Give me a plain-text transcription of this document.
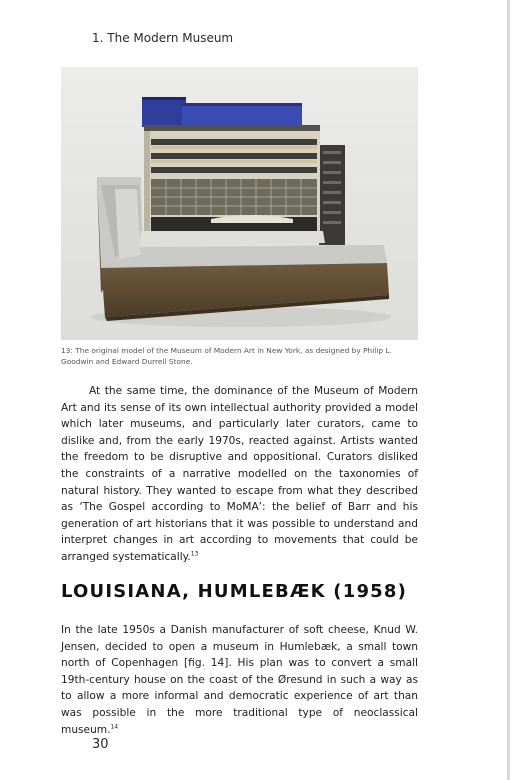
1. The Modern Museum
13: The original model of the Museum of Modern Art in New York, as designed by Philip L. Goodwin and Edward Durrell Stone.

At the same time, the dominance of the Museum of Modern Art and its sense of its own intellectual authority provided a model which later museums, and particularly later curators, came to dislike and, from the early 1970s, reacted against. Artists wanted the freedom to be disruptive and oppositional. Curators disliked the constraints of a narrative modelled on the taxonomies of natural history. They wanted to escape from what they described as ‘The Gospel according to MoMA’: the belief of Barr and his generation of art historians that it was possible to understand and interpret changes in art according to movements that could be arranged systematically.$^{13}$

LOUISIANA, HUMLEBÆK (1958)

In the late 1950s a Danish manufacturer of soft cheese, Knud W. Jensen, decided to open a museum in Humlebæk, a small town north of Copenhagen [fig. 14]. His plan was to convert a small 19th-century house on the coast of the Øresund in such a way as to allow a more informal and democratic experience of art than was possible in the more traditional type of neoclassical museum.$^{14}$

30
